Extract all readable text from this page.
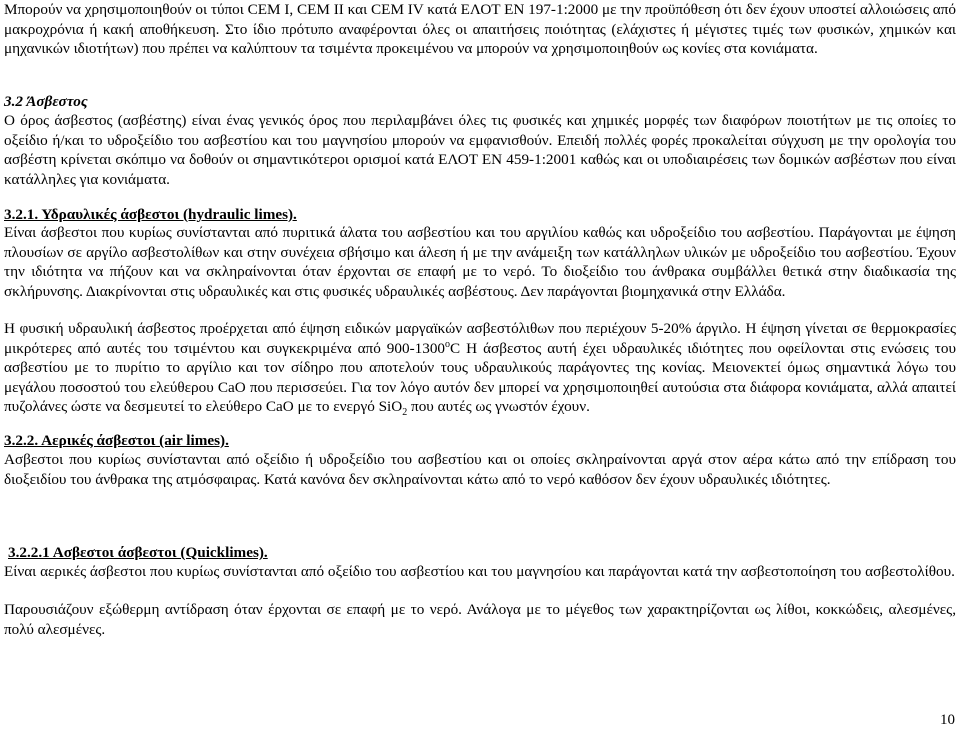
Μπορούν να χρησιμοποιηθούν οι τύποι CEM I, CEM II και CEM IV κατά ΕΛΟΤ ΕΝ 197-1:2000 με την προϋπόθεση ότι δεν έχουν υποστεί αλλοιώσεις από μακροχρόνια ή κακή αποθήκευση. Στο ίδιο πρότυπο αναφέρονται όλες οι απαιτήσεις ποιότητας (ελάχιστες ή μέγιστες τιμές των φυσικών, χημικών και μηχανικών ιδιοτήτων) που πρέπει να καλύπτουν τα τσιμέντα προκειμένου να μπορούν να χρησιμοποιηθούν ως κονίες στα κονιάματα.

3.2 Άσβεστος

Ο όρος άσβεστος (ασβέστης) είναι ένας γενικός όρος που περιλαμβάνει όλες τις φυσικές και χημικές μορφές των διαφόρων ποιοτήτων με τις οποίες το οξείδιο ή/και το υδροξείδιο του ασβεστίου και του μαγνησίου μπορούν να εμφανισθούν. Επειδή πολλές φορές προκαλείται σύγχυση με την ορολογία του ασβέστη κρίνεται σκόπιμο να δοθούν οι σημαντικότεροι ορισμοί κατά ΕΛΟΤ ΕΝ 459-1:2001 καθώς και οι υποδιαιρέσεις των δομικών ασβέστων που είναι κατάλληλες για κονιάματα.

3.2.1. Υδραυλικές άσβεστοι (hydraulic limes).

Είναι άσβεστοι που κυρίως συνίστανται από πυριτικά άλατα του ασβεστίου και του αργιλίου καθώς και υδροξείδιο του ασβεστίου. Παράγονται με έψηση πλουσίων σε αργίλο ασβεστολίθων και στην συνέχεια σβήσιμο και άλεση ή με την ανάμειξη των κατάλληλων υλικών με υδροξείδιο του ασβεστίου. Έχουν την ιδιότητα να πήζουν και να σκληραίνονται όταν έρχονται σε επαφή με το νερό. Το διοξείδιο του άνθρακα συμβάλλει θετικά στην διαδικασία της σκλήρυνσης. Διακρίνονται στις υδραυλικές και στις φυσικές υδραυλικές ασβέστους. Δεν παράγονται βιομηχανικά στην Ελλάδα.

Η φυσική υδραυλική άσβεστος προέρχεται από έψηση ειδικών μαργαϊκών ασβεστόλιθων που περιέχουν 5-20% άργιλο. Η έψηση γίνεται σε θερμοκρασίες μικρότερες από αυτές του τσιμέντου και συγκεκριμένα από 900-1300$^o$C Η άσβεστος αυτή έχει υδραυλικές ιδιότητες που οφείλονται στις ενώσεις του ασβεστίου με το πυρίτιο το αργίλιο και τον σίδηρο που αποτελούν τους υδραυλικούς παράγοντες της κονίας. Μειονεκτεί όμως σημαντικά λόγω του μεγάλου ποσοστού του ελεύθερου CaO που περισσεύει. Για τον λόγο αυτόν δεν μπορεί να χρησιμοποιηθεί αυτούσια στα διάφορα κονιάματα, αλλά απαιτεί πυζολάνες ώστε να δεσμευτεί το ελεύθερο CaO με το ενεργό SiO$_2$ που αυτές ως γνωστόν έχουν.

3.2.2. Αερικές άσβεστοι (air limes).

Ασβεστοι που κυρίως συνίστανται από οξείδιο ή υδροξείδιο του ασβεστίου και οι οποίες σκληραίνονται αργά στον αέρα κάτω από την επίδραση του διοξειδίου του άνθρακα της ατμόσφαιρας. Κατά κανόνα δεν σκληραίνονται κάτω από το νερό καθόσον δεν έχουν υδραυλικές ιδιότητες.

3.2.2.1 Ασβεστοι άσβεστοι (Quicklimes).

Είναι αερικές άσβεστοι που κυρίως συνίστανται από οξείδιο του ασβεστίου και του μαγνησίου και παράγονται κατά την ασβεστοποίηση του ασβεστολίθου.

Παρουσιάζουν εξώθερμη αντίδραση όταν έρχονται σε επαφή με το νερό. Ανάλογα με το μέγεθος των χαρακτηρίζονται ως λίθοι, κοκκώδεις, αλεσμένες, πολύ αλεσμένες.

10
